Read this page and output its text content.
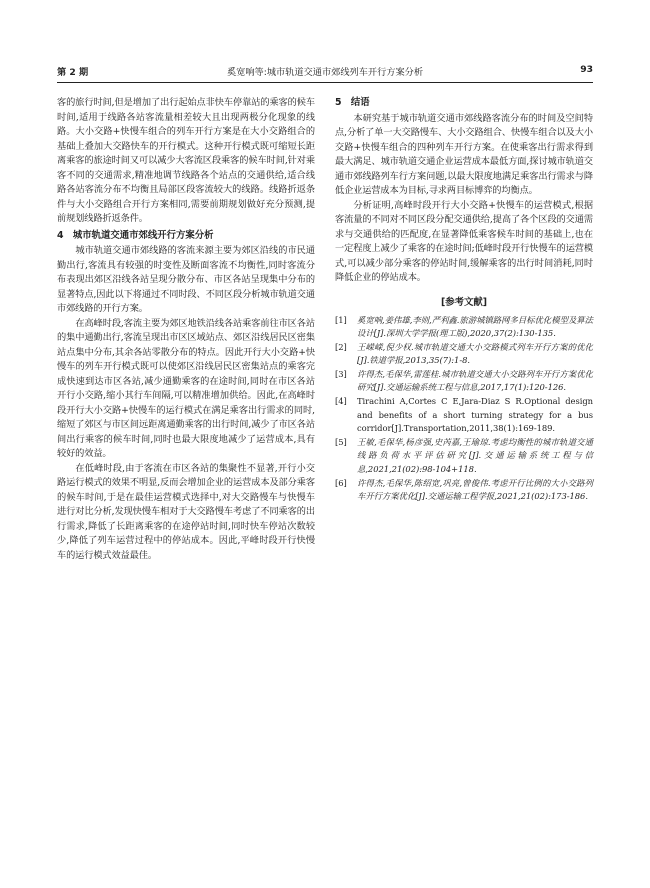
第 2 期	奚宽响等:城市轨道交通市郊线列车开行方案分析	93

客的旅行时间,但是增加了出行起始点非快车停靠站的乘客的候车时间,适用于线路各站客流量相差较大且出现两极分化现象的线路。大小交路+快慢车组合的列车开行方案是在大小交路组合的基础上叠加大交路快车的开行模式。这种开行模式既可缩短长距离乘客的旅途时间又可以减少大客流区段乘客的候车时间,针对乘客不同的交通需求,精准地调节线路各个站点的交通供给,适合线路各站客流分布不均衡且局部区段客流较大的线路。线路折返条件与大小交路组合开行方案相同,需要前期规划做好充分预测,提前规划线路折返条件。

4　城市轨道交通市郊线开行方案分析

城市轨道交通市郊线路的客流来源主要为郊区沿线的市民通勤出行,客流具有较强的时变性及断面客流不均衡性,同时客流分布表现出郊区沿线各站呈现分散分布、市区各站呈现集中分布的显著特点,因此以下将通过不同时段、不同区段分析城市轨道交通市郊线路的开行方案。

在高峰时段,客流主要为郊区地铁沿线各站乘客前往市区各站的集中通勤出行,客流呈现出市区区域站点、郊区沿线居民区密集站点集中分布,其余各站零散分布的特点。因此开行大小交路+快慢车的列车开行模式既可以使郊区沿线居民区密集站点的乘客完成快速到达市区各站,减少通勤乘客的在途时间,同时在市区各站开行小交路,缩小其行车间隔,可以精准增加供给。因此,在高峰时段开行大小交路+快慢车的运行模式在满足乘客出行需求的同时,缩短了郊区与市区间远距离通勤乘客的出行时间,减少了市区各站间出行乘客的候车时间,同时也最大限度地减少了运营成本,具有较好的效益。

在低峰时段,由于客流在市区各站的集聚性不显著,开行小交路运行模式的效果不明显,反而会增加企业的运营成本及部分乘客的候车时间,于是在最佳运营模式选择中,对大交路慢车与快慢车进行对比分析,发现快慢车相对于大交路慢车考虑了不同乘客的出行需求,降低了长距离乘客的在途停站时间,同时快车停站次数较少,降低了列车运营过程中的停站成本。因此,平峰时段开行快慢车的运行模式效益最佳。

5　结语

本研究基于城市轨道交通市郊线路客流分布的时间及空间特点,分析了单一大交路慢车、大小交路组合、快慢车组合以及大小交路+快慢车组合的四种列车开行方案。在使乘客出行需求得到最大满足、城市轨道交通企业运营成本最低方面,探讨城市轨道交通市郊线路列车行方案问题,以最大限度地满足乘客出行需求与降低企业运营成本为目标,寻求两目标博弈的均衡点。

分析证明,高峰时段开行大小交路+快慢车的运营模式,根据客流量的不同对不同区段分配交通供给,提高了各个区段的交通需求与交通供给的匹配度,在显著降低乘客候车时间的基础上,也在一定程度上减少了乘客的在途时间;低峰时段开行快慢车的运营模式,可以减少部分乘客的停站时间,缓解乘客的出行时间消耗,同时降低企业的停站成本。

[参考文献]
[1] 奚宽响,姜伟雄,李则,严利鑫.旅游城镇路网多目标优化模型及算法设计[J].深圳大学学报(理工版),2020,37(2):130-135.
[2] 王嵘嵘,倪少权.城市轨道交通大小交路模式列车开行方案的优化[J].铁道学报,2013,35(7):1-8.
[3] 许得杰,毛保华,雷莲桂.城市轨道交通大小交路列车开行方案优化研究[J].交通运输系统工程与信息,2017,17(1):120-126.
[4] Tirachini A,Cortes C E,Jara-Diaz S R.Optional design and benefits of a short turning strategy for a bus corridor[J].Transportation,2011,38(1):169-189.
[5] 王敏,毛保华,杨彦强,史芮嘉,王瑜琼.考虑均衡性的城市轨道交通线路负荷水平评估研究[J].交通运输系统工程与信息,2021,21(02):98-104+118.
[6] 许得杰,毛保华,陈绍宽,巩亮,曾俊伟.考虑开行比例的大小交路列车开行方案优化[J].交通运输工程学报,2021,21(02):173-186.
